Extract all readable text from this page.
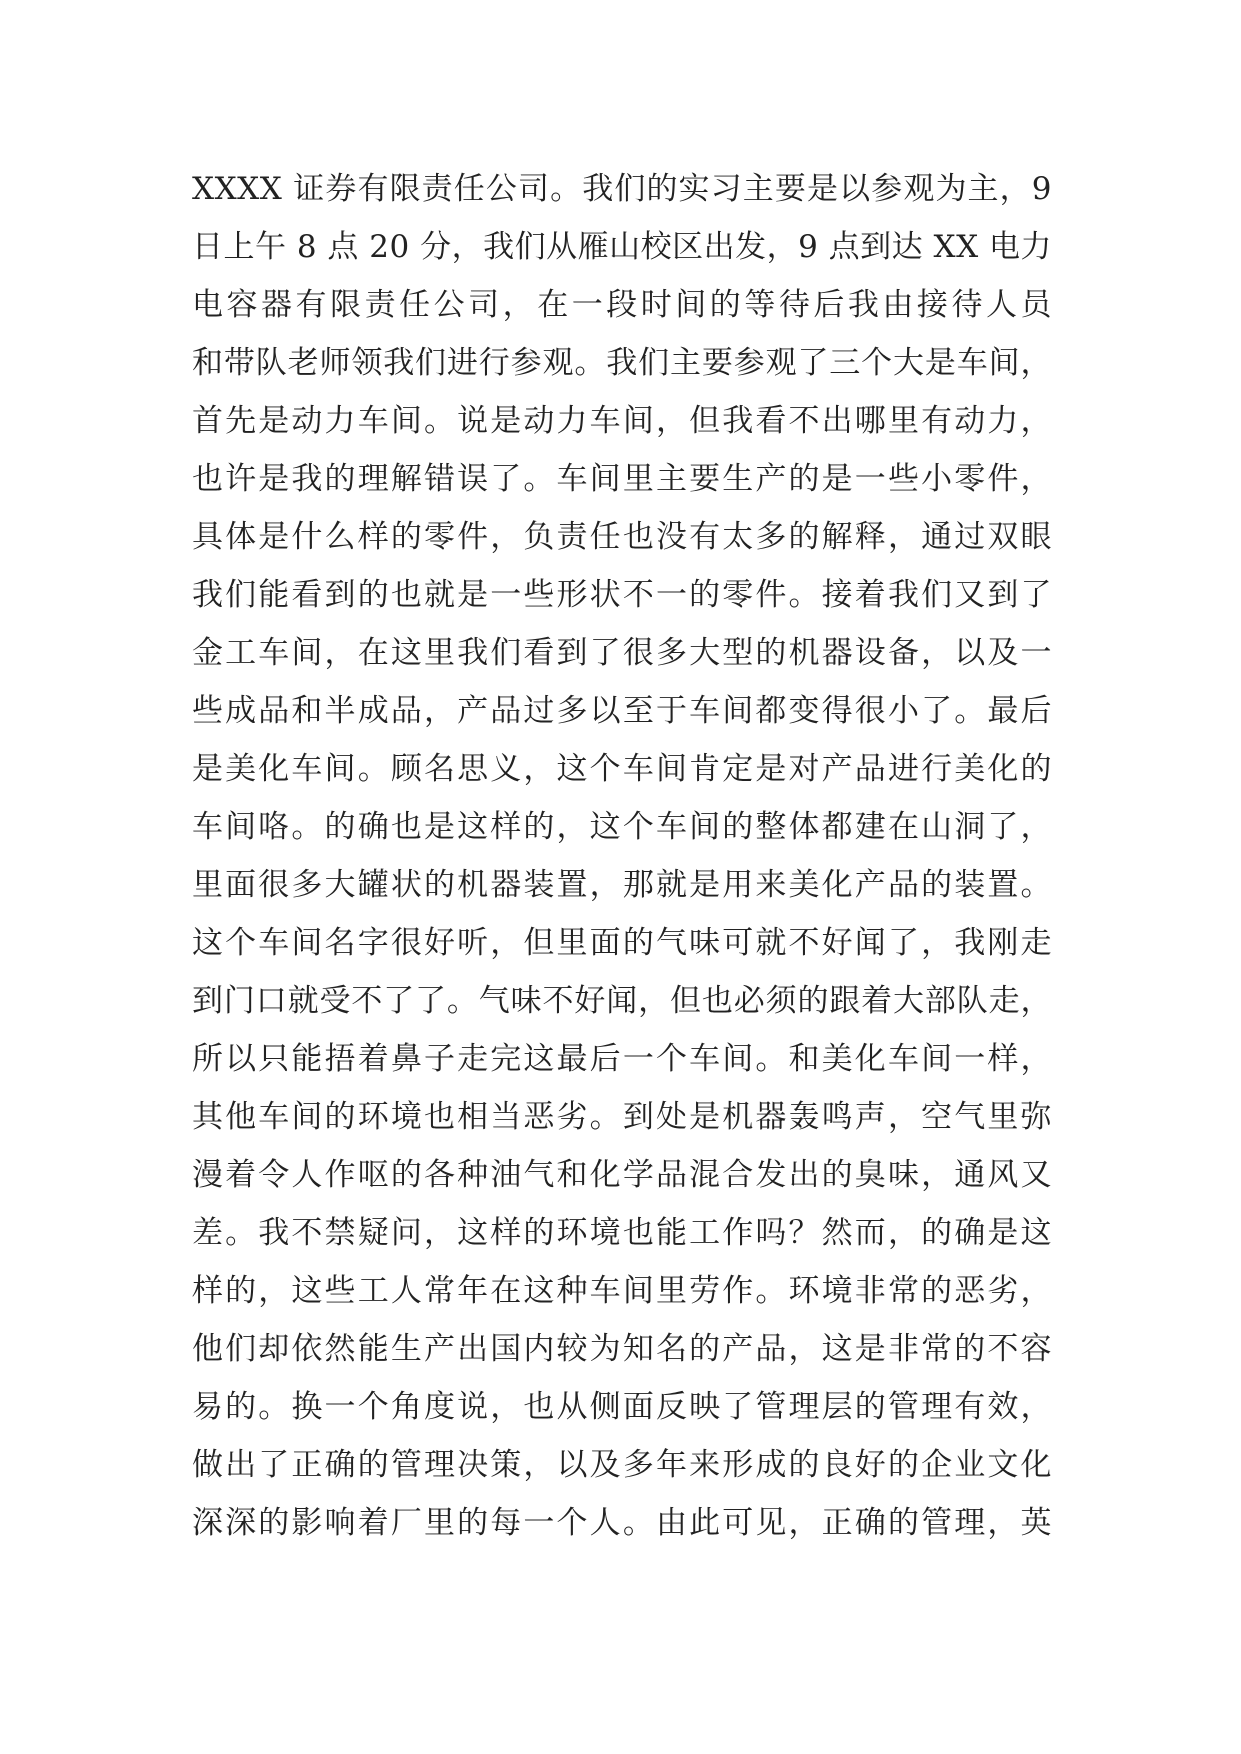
XXXX 证券有限责任公司。我们的实习主要是以参观为主，9
日上午 8 点 20 分，我们从雁山校区出发，9 点到达 XX 电力
电容器有限责任公司，在一段时间的等待后我由接待人员
和带队老师领我们进行参观。我们主要参观了三个大是车间，
首先是动力车间。说是动力车间，但我看不出哪里有动力，
也许是我的理解错误了。车间里主要生产的是一些小零件，
具体是什么样的零件，负责任也没有太多的解释，通过双眼
我们能看到的也就是一些形状不一的零件。接着我们又到了
金工车间，在这里我们看到了很多大型的机器设备，以及一
些成品和半成品，产品过多以至于车间都变得很小了。最后
是美化车间。顾名思义，这个车间肯定是对产品进行美化的
车间咯。的确也是这样的，这个车间的整体都建在山洞了，
里面很多大罐状的机器装置，那就是用来美化产品的装置。
这个车间名字很好听，但里面的气味可就不好闻了，我刚走
到门口就受不了了。气味不好闻，但也必须的跟着大部队走，
所以只能捂着鼻子走完这最后一个车间。和美化车间一样，
其他车间的环境也相当恶劣。到处是机器轰鸣声，空气里弥
漫着令人作呕的各种油气和化学品混合发出的臭味，通风又
差。我不禁疑问，这样的环境也能工作吗？然而，的确是这
样的，这些工人常年在这种车间里劳作。环境非常的恶劣，
他们却依然能生产出国内较为知名的产品，这是非常的不容
易的。换一个角度说，也从侧面反映了管理层的管理有效，
做出了正确的管理决策，以及多年来形成的良好的企业文化
深深的影响着厂里的每一个人。由此可见，正确的管理，英
